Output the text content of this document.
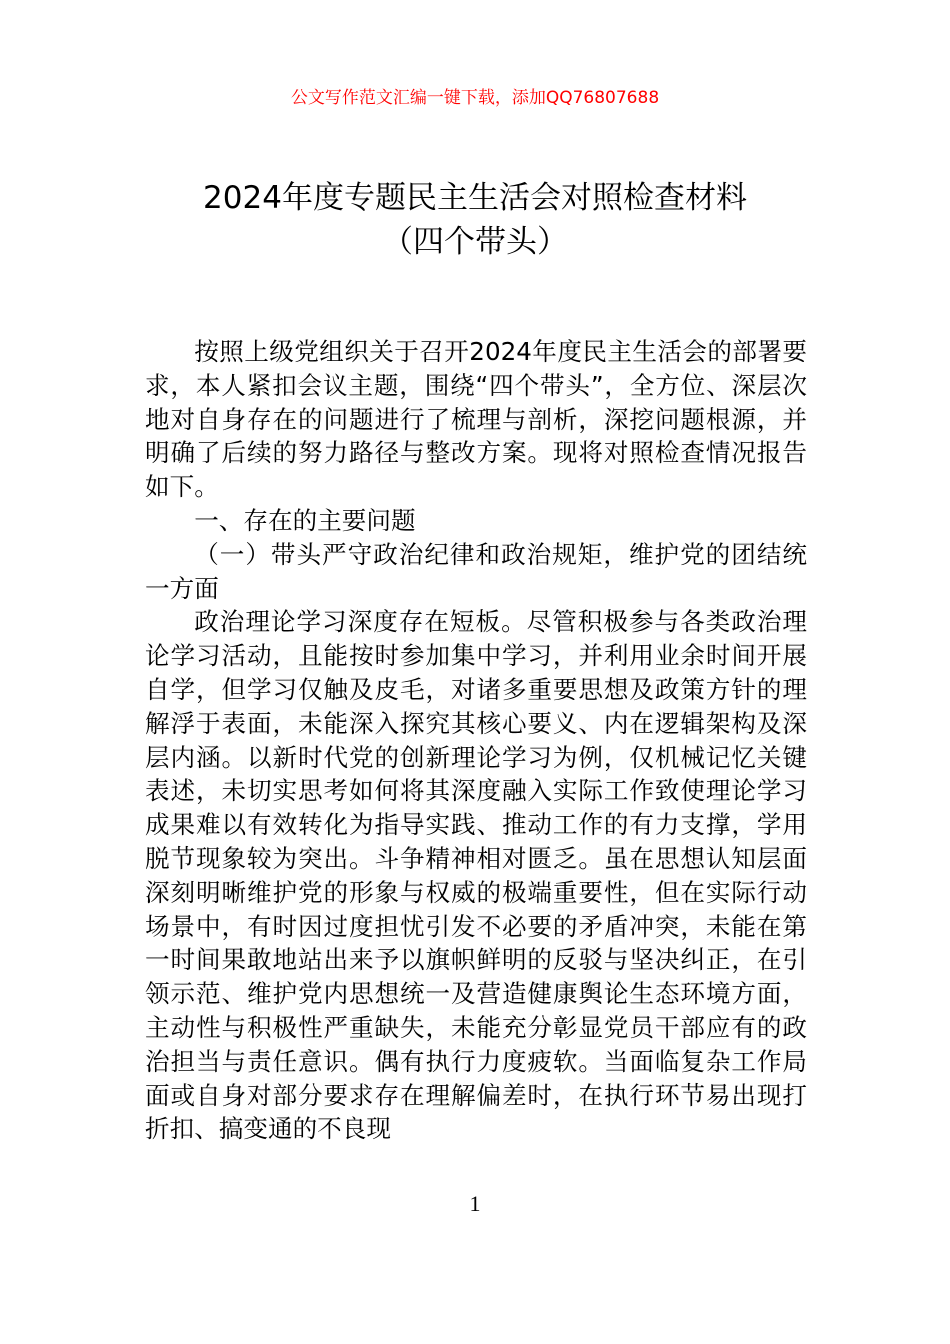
公文写作范文汇编一键下载，添加QQ76807688
2024年度专题民主生活会对照检查材料
（四个带头）

按照上级党组织关于召开2024年度民主生活会的部署要求，本人紧扣会议主题，围绕“四个带头”，全方位、深层次地对自身存在的问题进行了梳理与剖析，深挖问题根源，并明确了后续的努力路径与整改方案。现将对照检查情况报告如下。

一、存在的主要问题

（一）带头严守政治纪律和政治规矩，维护党的团结统一方面

政治理论学习深度存在短板。尽管积极参与各类政治理论学习活动，且能按时参加集中学习，并利用业余时间开展自学，但学习仅触及皮毛，对诸多重要思想及政策方针的理解浮于表面，未能深入探究其核心要义、内在逻辑架构及深层内涵。以新时代党的创新理论学习为例，仅机械记忆关键表述，未切实思考如何将其深度融入实际工作致使理论学习成果难以有效转化为指导实践、推动工作的有力支撑，学用脱节现象较为突出。斗争精神相对匮乏。虽在思想认知层面深刻明晰维护党的形象与权威的极端重要性，但在实际行动场景中，有时因过度担忧引发不必要的矛盾冲突，未能在第一时间果敢地站出来予以旗帜鲜明的反驳与坚决纠正，在引领示范、维护党内思想统一及营造健康舆论生态环境方面，主动性与积极性严重缺失，未能充分彰显党员干部应有的政治担当与责任意识。偶有执行力度疲软。当面临复杂工作局面或自身对部分要求存在理解偏差时，在执行环节易出现打折扣、搞变通的不良现

1
